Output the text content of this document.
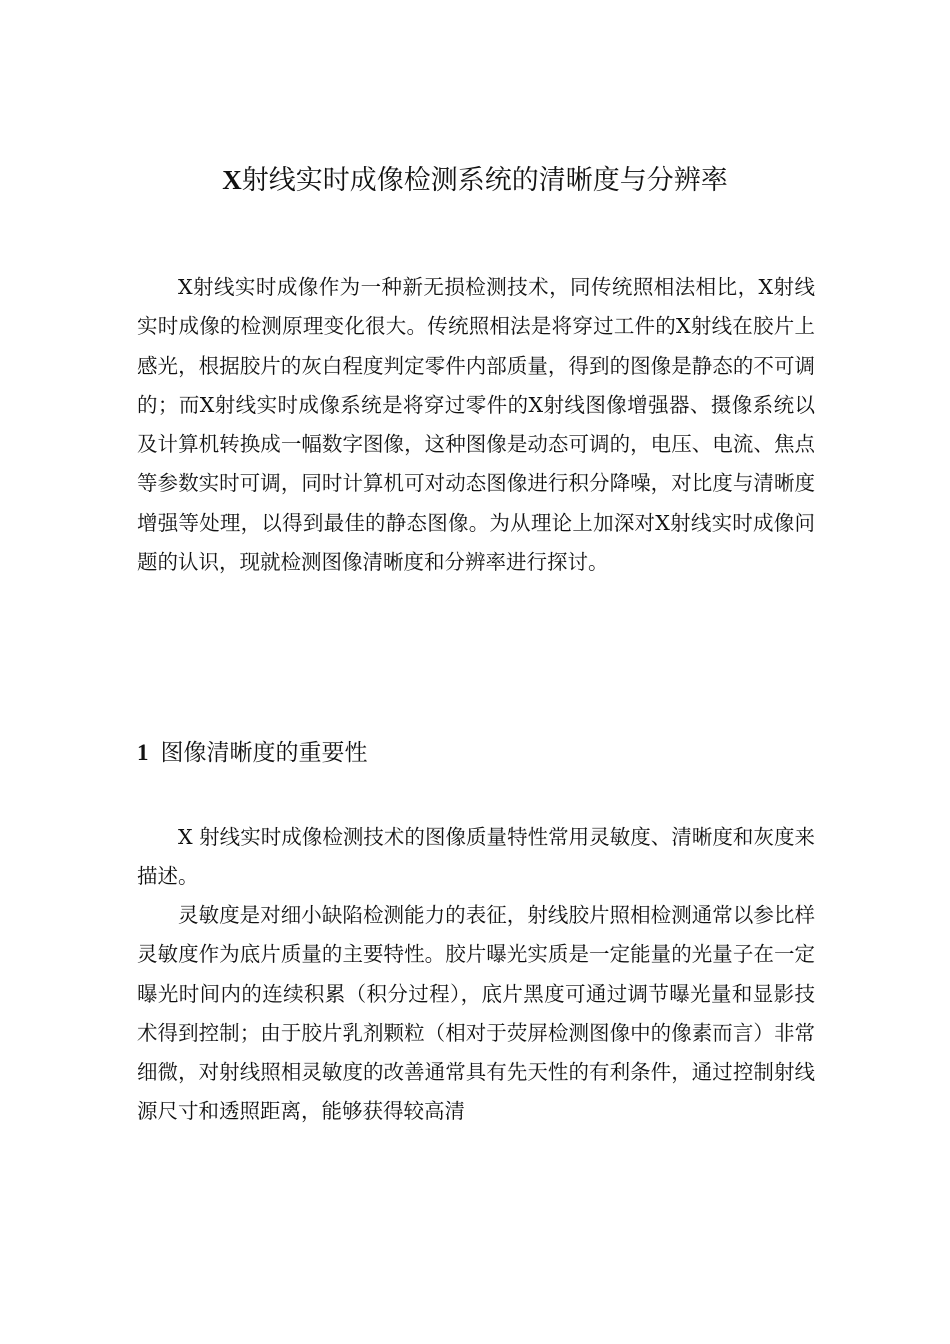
X射线实时成像检测系统的清晰度与分辨率

X射线实时成像作为一种新无损检测技术，同传统照相法相比，X射线实时成像的检测原理变化很大。传统照相法是将穿过工件的X射线在胶片上感光，根据胶片的灰白程度判定零件内部质量，得到的图像是静态的不可调的；而X射线实时成像系统是将穿过零件的X射线图像增强器、摄像系统以及计算机转换成一幅数字图像，这种图像是动态可调的，电压、电流、焦点等参数实时可调，同时计算机可对动态图像进行积分降噪，对比度与清晰度增强等处理，以得到最佳的静态图像。为从理论上加深对X射线实时成像问题的认识，现就检测图像清晰度和分辨率进行探讨。

1 图像清晰度的重要性

X 射线实时成像检测技术的图像质量特性常用灵敏度、清晰度和灰度来描述。

灵敏度是对细小缺陷检测能力的表征，射线胶片照相检测通常以参比样灵敏度作为底片质量的主要特性。胶片曝光实质是一定能量的光量子在一定曝光时间内的连续积累（积分过程），底片黑度可通过调节曝光量和显影技术得到控制；由于胶片乳剂颗粒（相对于荧屏检测图像中的像素而言）非常细微，对射线照相灵敏度的改善通常具有先天性的有利条件，通过控制射线源尺寸和透照距离，能够获得较高清
